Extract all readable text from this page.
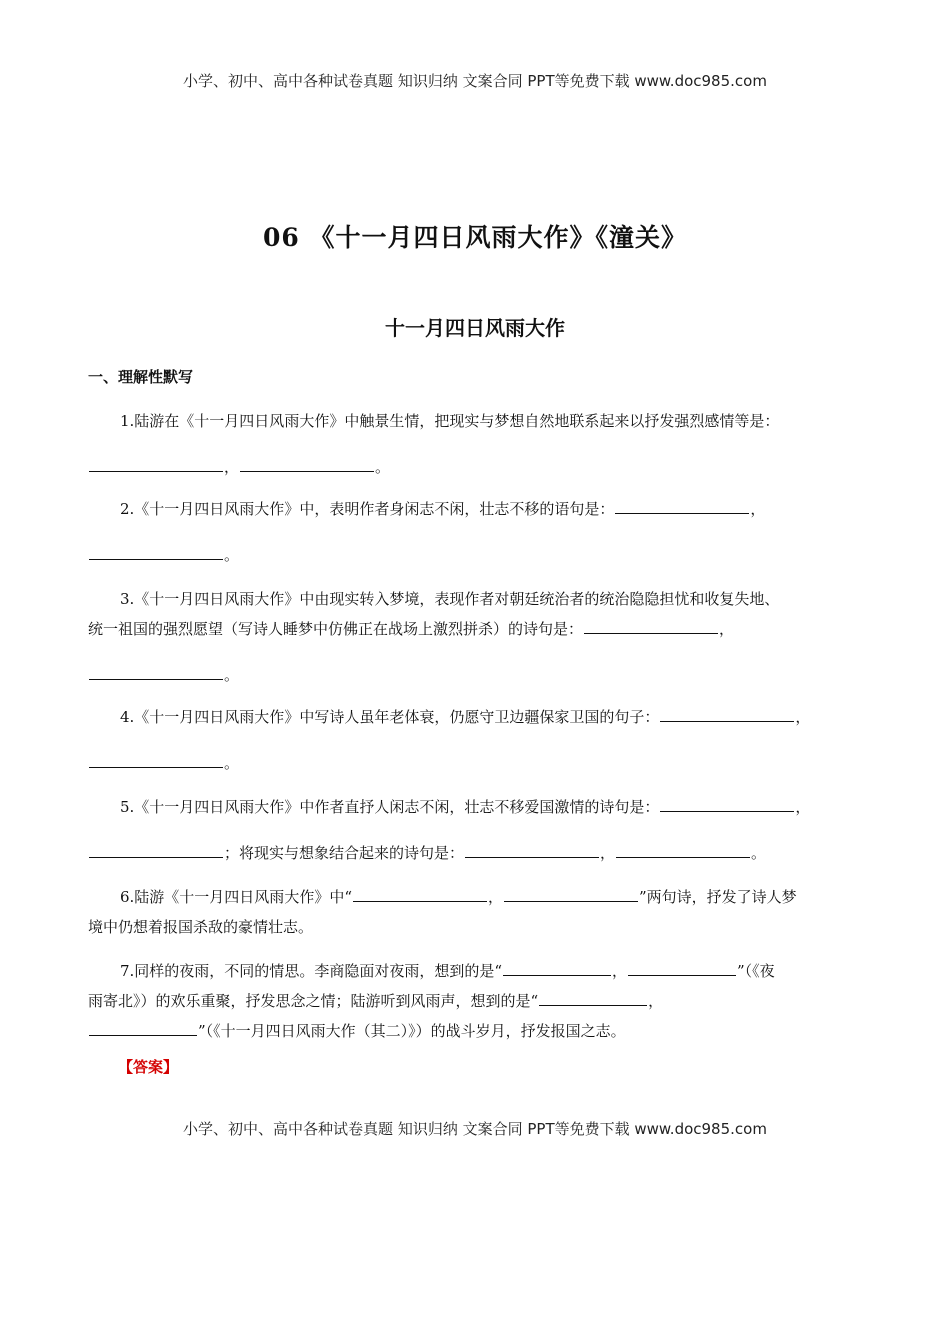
小学、初中、高中各种试卷真题 知识归纳 文案合同 PPT等免费下载 www.doc985.com
06 《十一月四日风雨大作》《潼关》
十一月四日风雨大作
一、理解性默写
1.陆游在《十一月四日风雨大作》中触景生情，把现实与梦想自然地联系起来以抒发强烈感情等是：
，	。
2.《十一月四日风雨大作》中，表明作者身闲志不闲，壮志不移的语句是：	，
。
3.《十一月四日风雨大作》中由现实转入梦境，表现作者对朝廷统治者的统治隐隐担忧和收复失地、
统一祖国的强烈愿望（写诗人睡梦中仿佛正在战场上激烈拼杀）的诗句是：	，
。
4.《十一月四日风雨大作》中写诗人虽年老体衰，仍愿守卫边疆保家卫国的句子：	，
。
5.《十一月四日风雨大作》中作者直抒人闲志不闲，壮志不移爱国激情的诗句是：	，
；将现实与想象结合起来的诗句是：	，	。
6.陆游《十一月四日风雨大作》中“	，	”两句诗，抒发了诗人梦
境中仍想着报国杀敌的豪情壮志。
7.同样的夜雨，不同的情思。李商隐面对夜雨，想到的是“	，	”（《夜
雨寄北》）的欢乐重聚，抒发思念之情；陆游听到风雨声，想到的是“	，
”（《十一月四日风雨大作（其二）》）的战斗岁月，抒发报国之志。
【答案】
小学、初中、高中各种试卷真题 知识归纳 文案合同 PPT等免费下载 www.doc985.com
